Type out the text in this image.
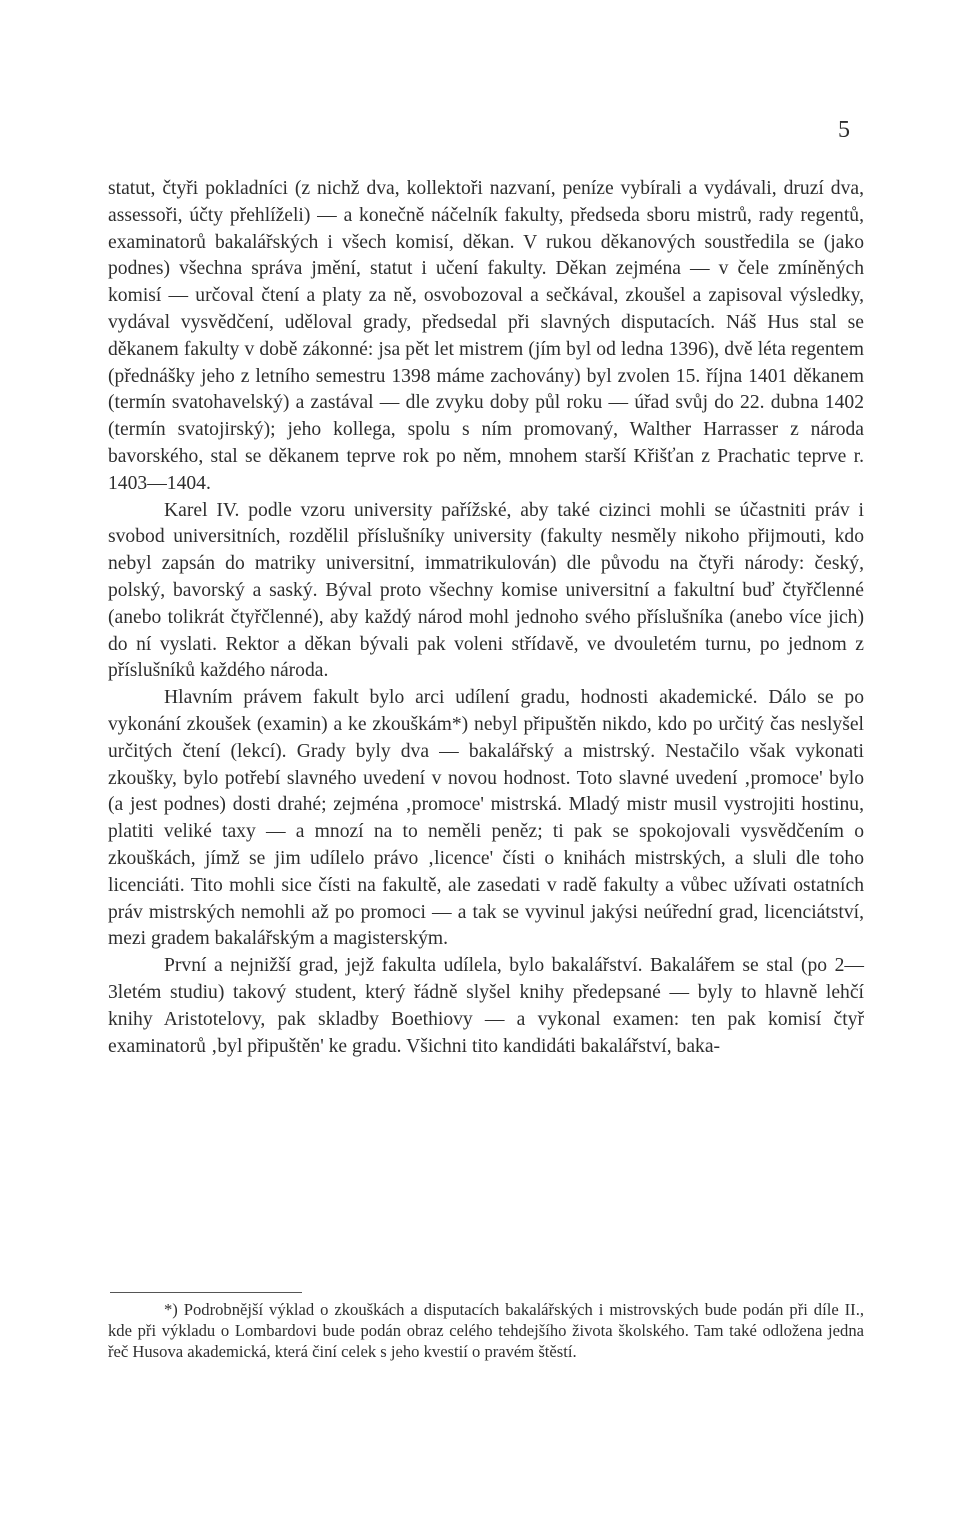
5

statut, čtyři pokladníci (z nichž dva, kollektoři nazvaní, peníze vybírali a vydávali, druzí dva, assessoři, účty přehlíželi) — a konečně náčelník fakulty, předseda sboru mistrů, rady regentů, examinatorů bakalářských i všech komisí, děkan. V rukou děkanových soustředila se (jako podnes) všechna správa jmění, statut i učení fakulty. Děkan zejména — v čele zmíněných komisí — určoval čtení a platy za ně, osvobozoval a sečkával, zkoušel a zapisoval výsledky, vydával vysvědčení, uděloval grady, předsedal při slavných disputacích. Náš Hus stal se děkanem fakulty v době zákonné: jsa pět let mistrem (jím byl od ledna 1396), dvě léta regentem (přednášky jeho z letního semestru 1398 máme zachovány) byl zvolen 15. října 1401 děkanem (termín svatohavelský) a zastával — dle zvyku doby půl roku — úřad svůj do 22. dubna 1402 (termín svatojirský); jeho kollega, spolu s ním promovaný, Walther Harrasser z národa bavorského, stal se děkanem teprve rok po něm, mnohem starší Křišťan z Prachatic teprve r. 1403—1404.

Karel IV. podle vzoru university pařížské, aby také cizinci mohli se účastniti práv i svobod universitních, rozdělil příslušníky university (fakulty nesměly nikoho přijmouti, kdo nebyl zapsán do matriky universitní, immatrikulován) dle původu na čtyři národy: český, polský, bavorský a saský. Býval proto všechny komise universitní a fakultní buď čtyřčlenné (anebo tolikrát čtyřčlenné), aby každý národ mohl jednoho svého příslušníka (anebo více jich) do ní vyslati. Rektor a děkan bývali pak voleni střídavě, ve dvouletém turnu, po jednom z příslušníků každého národa.

Hlavním právem fakult bylo arci udílení gradu, hodnosti akademické. Dálo se po vykonání zkoušek (examin) a ke zkouškám*) nebyl připuštěn nikdo, kdo po určitý čas neslyšel určitých čtení (lekcí). Grady byly dva — bakalářský a mistrský. Nestačilo však vykonati zkoušky, bylo potřebí slavného uvedení v novou hodnost. Toto slavné uvedení ‚promoce' bylo (a jest podnes) dosti drahé; zejména ‚promoce' mistrská. Mladý mistr musil vystrojiti hostinu, platiti veliké taxy — a mnozí na to neměli peněz; ti pak se spokojovali vysvědčením o zkouškách, jímž se jim udílelo právo ‚licence' čísti o knihách mistrských, a sluli dle toho licenciáti. Tito mohli sice čísti na fakultě, ale zasedati v radě fakulty a vůbec užívati ostatních práv mistrských nemohli až po promoci — a tak se vyvinul jakýsi neúřední grad, licenciátství, mezi gradem bakalářským a magisterským.

První a nejnižší grad, jejž fakulta udílela, bylo bakalářství. Bakalářem se stal (po 2—3letém studiu) takový student, který řádně slyšel knihy předepsané — byly to hlavně lehčí knihy Aristotelovy, pak skladby Boethiovy — a vykonal examen: ten pak komisí čtyř examinatorů ‚byl připuštěn' ke gradu. Všichni tito kandidáti bakalářství, baka-

*) Podrobnější výklad o zkouškách a disputacích bakalářských i mistrovských bude podán při díle II., kde při výkladu o Lombardovi bude podán obraz celého tehdejšího života školského. Tam také odložena jedna řeč Husova akademická, která činí celek s jeho kvestií o pravém štěstí.
